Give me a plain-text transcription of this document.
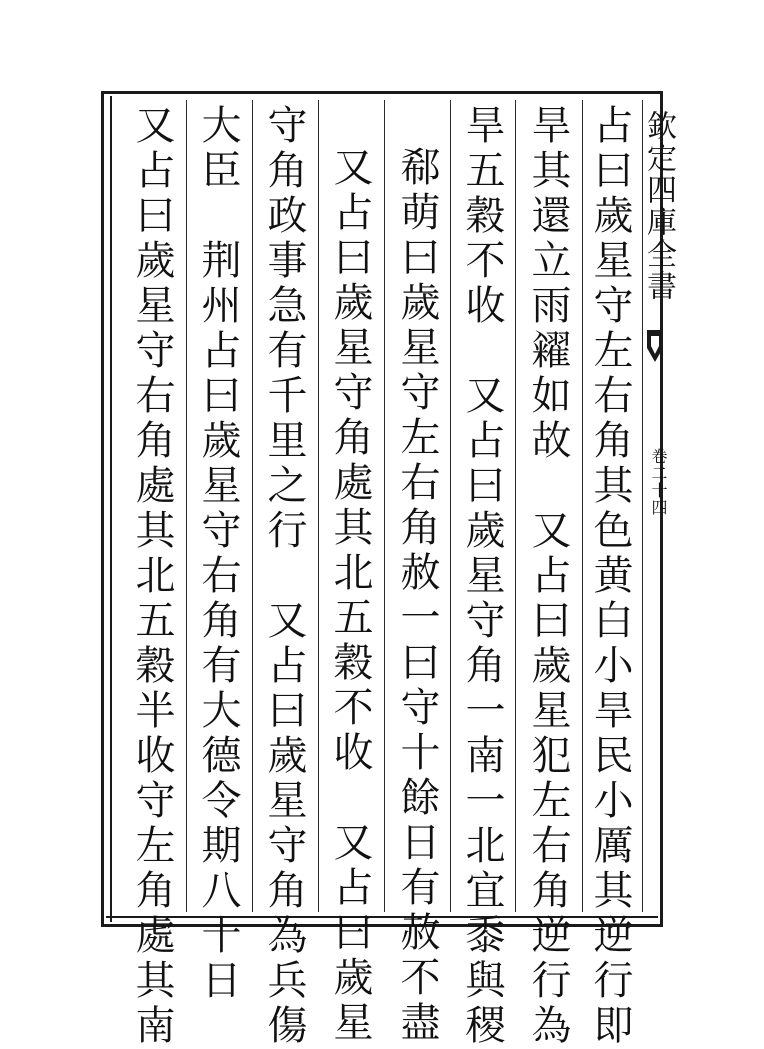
欽定四庫全書
卷二十四
占曰歲星守左右角其色黄白小旱民小厲其逆行即
旱其還立雨糴如故　又占曰歲星犯左右角逆行為
旱五穀不收　又占曰歲星守角一南一北宜黍與稷
郗萌曰歲星守左右角赦一曰守十餘日有赦不盡
又占曰歲星守角處其北五穀不收　又占曰歲星
守角政事急有千里之行　又占曰歲星守角為兵傷
大臣　荆州占曰歲星守右角有大德令期八十日
又占曰歲星守右角處其北五穀半收守左角處其南
